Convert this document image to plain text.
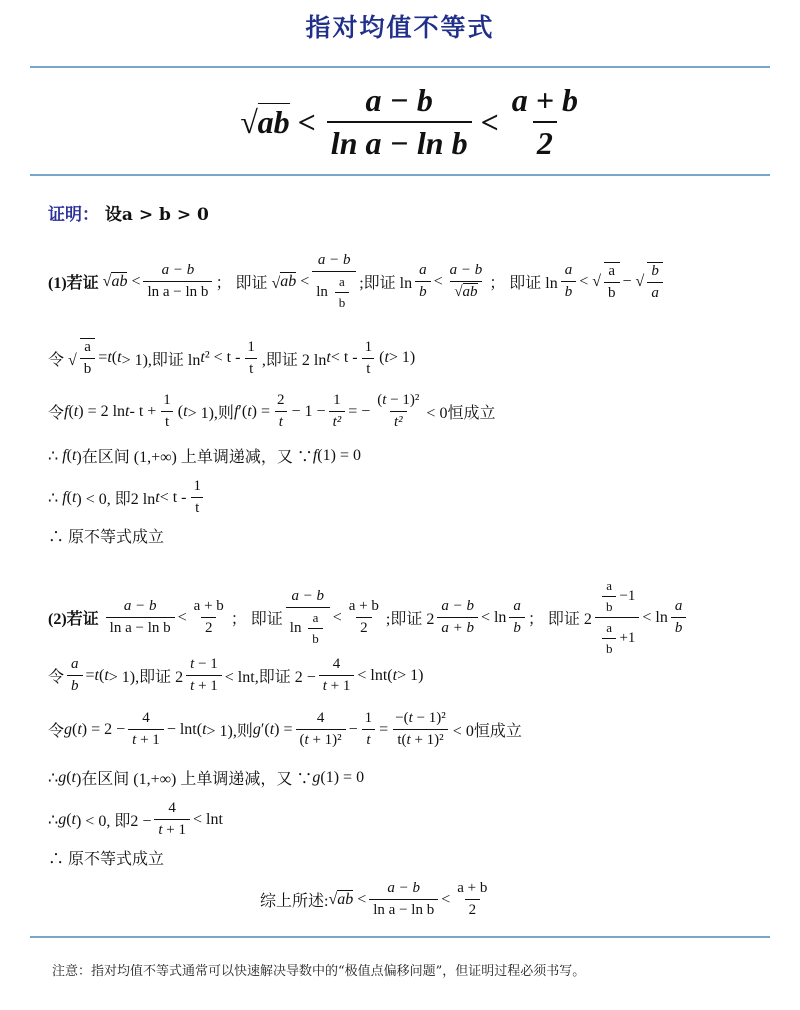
指对均值不等式
$√ab < \frac{a - b}{\text{ln a − ln b}} < \frac{a + b}{2}$
证明： 设a > b > 0
(1)若证 √ ab < $\frac{a - b}{\text{ln a − ln b}}$ ； 即证 √ ab < $\frac{a - b}{\ln \frac{a}{b}}$ ;即证 $\ln \frac{a}{b} < \frac{a - b}{√ab}$ ； 即证 $\ln \frac{a}{b}$ < √ $\frac{a}{b}$ − √ $\frac{b}{a}$
令 √ $\frac{a}{b} = t$ ( t > 1),即证 ln t $^2 < t - \frac{1}{t}$ ,即证 2 $\ln t < t - \frac{1}{t}$ ( t > 1)
令 f ( t ) = 2 $\ln t - t + \frac{1}{t}$ ( t > 1),则 f ′( t ) = $\frac{2}{t} - 1 - \frac{1}{\text{t²}}$ = − $\frac{\text{(t − 1)²}}{\text{t²}} < 0$恒成立
∴ f ( t )在区间 (1,+∞) 上单调递减，又 ∵ f (1) = 0
∴ f ( t ) < 0, 即2 $\ln t < t - \frac{1}{t}$
∴ 原不等式成立
(2)若证
$\frac{a - b}{\text{ln a − ln b}} < \frac{a + b}{2}$ ； 即证 $\frac{a - b}{\ln \frac{a}{b}} < \frac{a + b}{2}$ ;即证 $2 \frac{a - b}{a + b} < \ln \frac{a}{b}$ ； 即证 $2 \frac{\frac{a}{b} -1}{\frac{a}{b} +1} < \ln \frac{a}{b}$
令 $\frac{a}{b} = t$ ( t > 1),即证 $2 \frac{t - 1}{t + 1} < \ln t$,即证 $2 - \frac{4}{t + 1} < \ln t$( t > 1)
令 g ( t ) = $2 - \frac{4}{t + 1} - \ln t$( t > 1),则 g ′( t ) = $\frac{4}{\text{(t + 1)²}} - \frac{1}{t} = \frac{\text{−(t − 1)²}}{\text{t(t + 1)²}} < 0$恒成立
∴ g ( t )在区间 (1,+∞) 上单调递减，又 ∵ g (1) = 0
∴ g ( t ) < 0, 即$2 - \frac{4}{t + 1} < \ln t$
∴ 原不等式成立
综上所述: √ ab < $\frac{a - b}{\text{ln a − ln b}} < \frac{a + b}{2}$
注意：指对均值不等式通常可以快速解决导数中的“极值点偏移问题”，但证明过程必须书写。
